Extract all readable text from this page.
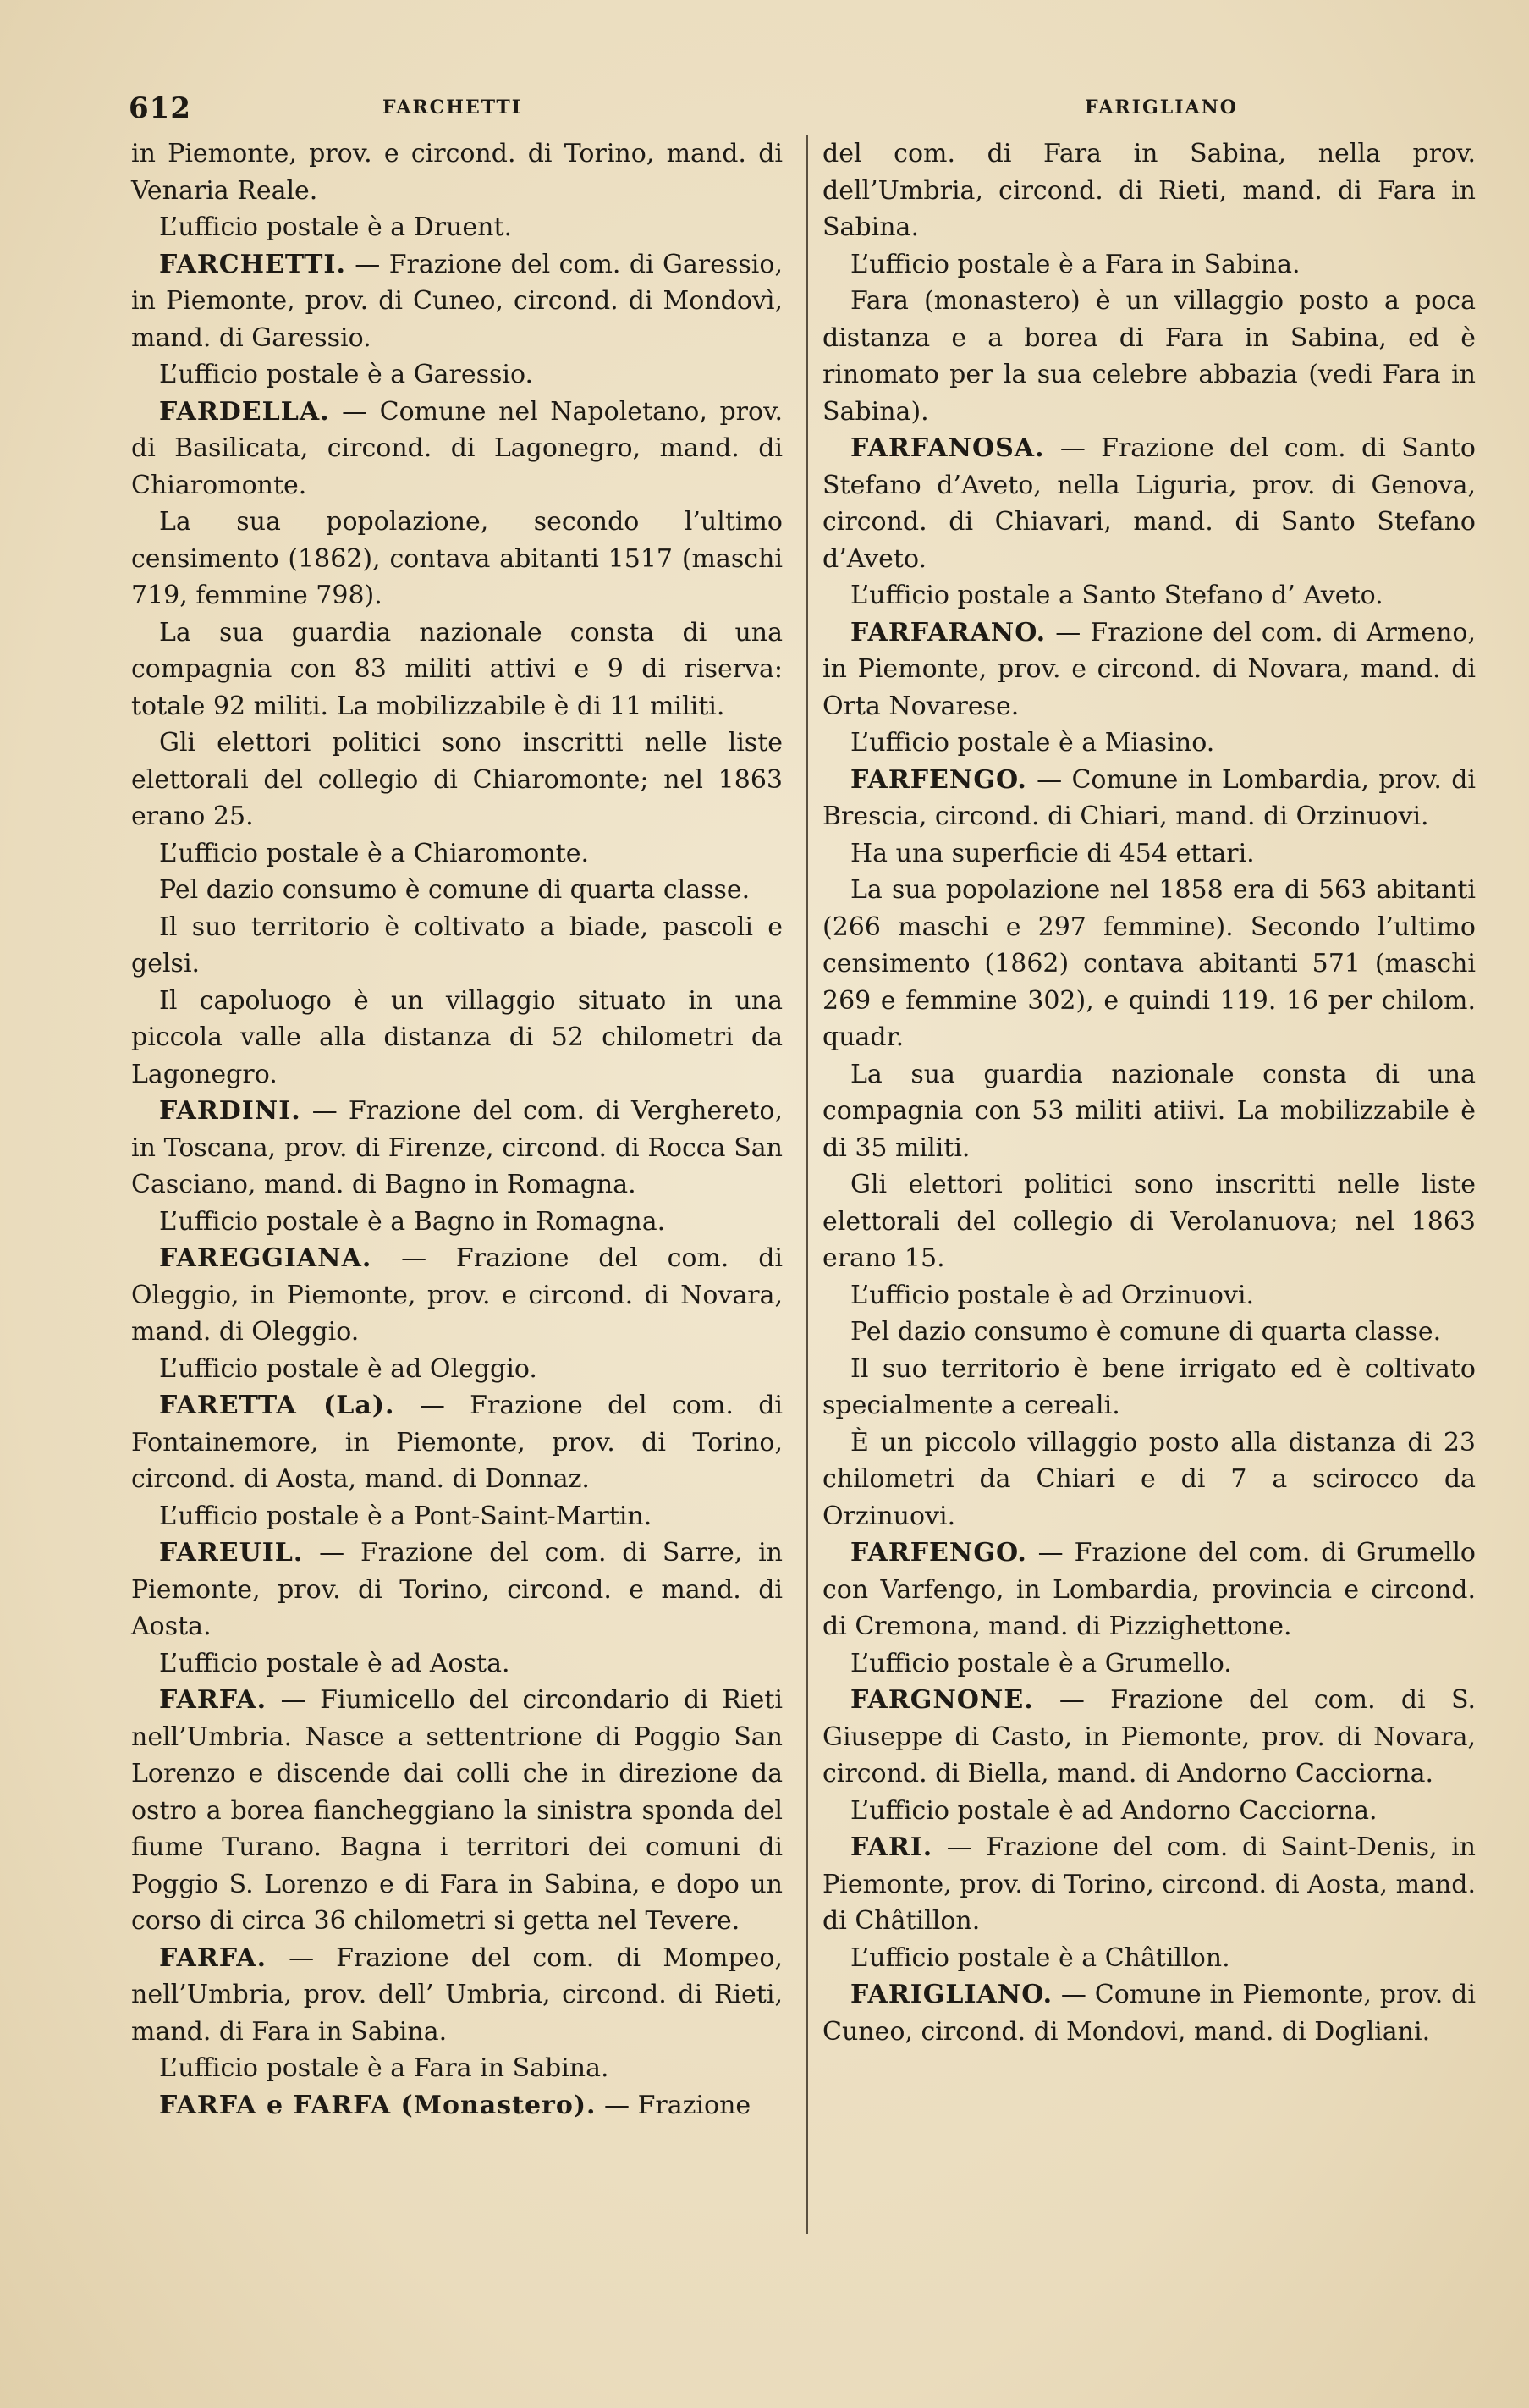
612	FARCHETTI	FARIGLIANO

in Piemonte, prov. e circond. di Torino, mand. di Venaria Reale.

L’ufficio postale è a Druent.

FARCHETTI. — Frazione del com. di Garessio, in Piemonte, prov. di Cuneo, circond. di Mondovì, mand. di Garessio.

L’ufficio postale è a Garessio.

FARDELLA. — Comune nel Napoletano, prov. di Basilicata, circond. di Lagonegro, mand. di Chiaromonte.

La sua popolazione, secondo l’ultimo censimento (1862), contava abitanti 1517 (maschi 719, femmine 798).

La sua guardia nazionale consta di una compagnia con 83 militi attivi e 9 di riserva: totale 92 militi. La mobilizzabile è di 11 militi.

Gli elettori politici sono inscritti nelle liste elettorali del collegio di Chiaromonte; nel 1863 erano 25.

L’ufficio postale è a Chiaromonte.

Pel dazio consumo è comune di quarta classe.

Il suo territorio è coltivato a biade, pascoli e gelsi.

Il capoluogo è un villaggio situato in una piccola valle alla distanza di 52 chilometri da Lagonegro.

FARDINI. — Frazione del com. di Verghereto, in Toscana, prov. di Firenze, circond. di Rocca San Casciano, mand. di Bagno in Romagna.

L’ufficio postale è a Bagno in Romagna.

FAREGGIANA. — Frazione del com. di Oleggio, in Piemonte, prov. e circond. di Novara, mand. di Oleggio.

L’ufficio postale è ad Oleggio.

FARETTA (La). — Frazione del com. di Fontainemore, in Piemonte, prov. di Torino, circond. di Aosta, mand. di Donnaz.

L’ufficio postale è a Pont-Saint-Martin.

FAREUIL. — Frazione del com. di Sarre, in Piemonte, prov. di Torino, circond. e mand. di Aosta.

L’ufficio postale è ad Aosta.

FARFA. — Fiumicello del circondario di Rieti nell’Umbria. Nasce a settentrione di Poggio San Lorenzo e discende dai colli che in direzione da ostro a borea fiancheggiano la sinistra sponda del fiume Turano. Bagna i territori dei comuni di Poggio S. Lorenzo e di Fara in Sabina, e dopo un corso di circa 36 chilometri si getta nel Tevere.

FARFA. — Frazione del com. di Mompeo, nell’Umbria, prov. dell’ Umbria, circond. di Rieti, mand. di Fara in Sabina.

L’ufficio postale è a Fara in Sabina.

FARFA e FARFA (Monastero). — Frazione

del com. di Fara in Sabina, nella prov. dell’Umbria, circond. di Rieti, mand. di Fara in Sabina.

L’ufficio postale è a Fara in Sabina.

Fara (monastero) è un villaggio posto a poca distanza e a borea di Fara in Sabina, ed è rinomato per la sua celebre abbazia (vedi Fara in Sabina).

FARFANOSA. — Frazione del com. di Santo Stefano d’Aveto, nella Liguria, prov. di Genova, circond. di Chiavari, mand. di Santo Stefano d’Aveto.

L’ufficio postale a Santo Stefano d’ Aveto.

FARFARANO. — Frazione del com. di Armeno, in Piemonte, prov. e circond. di Novara, mand. di Orta Novarese.

L’ufficio postale è a Miasino.

FARFENGO. — Comune in Lombardia, prov. di Brescia, circond. di Chiari, mand. di Orzinuovi.

Ha una superficie di 454 ettari.

La sua popolazione nel 1858 era di 563 abitanti (266 maschi e 297 femmine). Secondo l’ultimo censimento (1862) contava abitanti 571 (maschi 269 e femmine 302), e quindi 119. 16 per chilom. quadr.

La sua guardia nazionale consta di una compagnia con 53 militi atiivi. La mobilizzabile è di 35 militi.

Gli elettori politici sono inscritti nelle liste elettorali del collegio di Verolanuova; nel 1863 erano 15.

L’ufficio postale è ad Orzinuovi.

Pel dazio consumo è comune di quarta classe.

Il suo territorio è bene irrigato ed è coltivato specialmente a cereali.

È un piccolo villaggio posto alla distanza di 23 chilometri da Chiari e di 7 a scirocco da Orzinuovi.

FARFENGO. — Frazione del com. di Grumello con Varfengo, in Lombardia, provincia e circond. di Cremona, mand. di Pizzighettone.

L’ufficio postale è a Grumello.

FARGNONE. — Frazione del com. di S. Giuseppe di Casto, in Piemonte, prov. di Novara, circond. di Biella, mand. di Andorno Cacciorna.

L’ufficio postale è ad Andorno Cacciorna.

FARI. — Frazione del com. di Saint-Denis, in Piemonte, prov. di Torino, circond. di Aosta, mand. di Châtillon.

L’ufficio postale è a Châtillon.

FARIGLIANO. — Comune in Piemonte, prov. di Cuneo, circond. di Mondovi, mand. di Dogliani.
